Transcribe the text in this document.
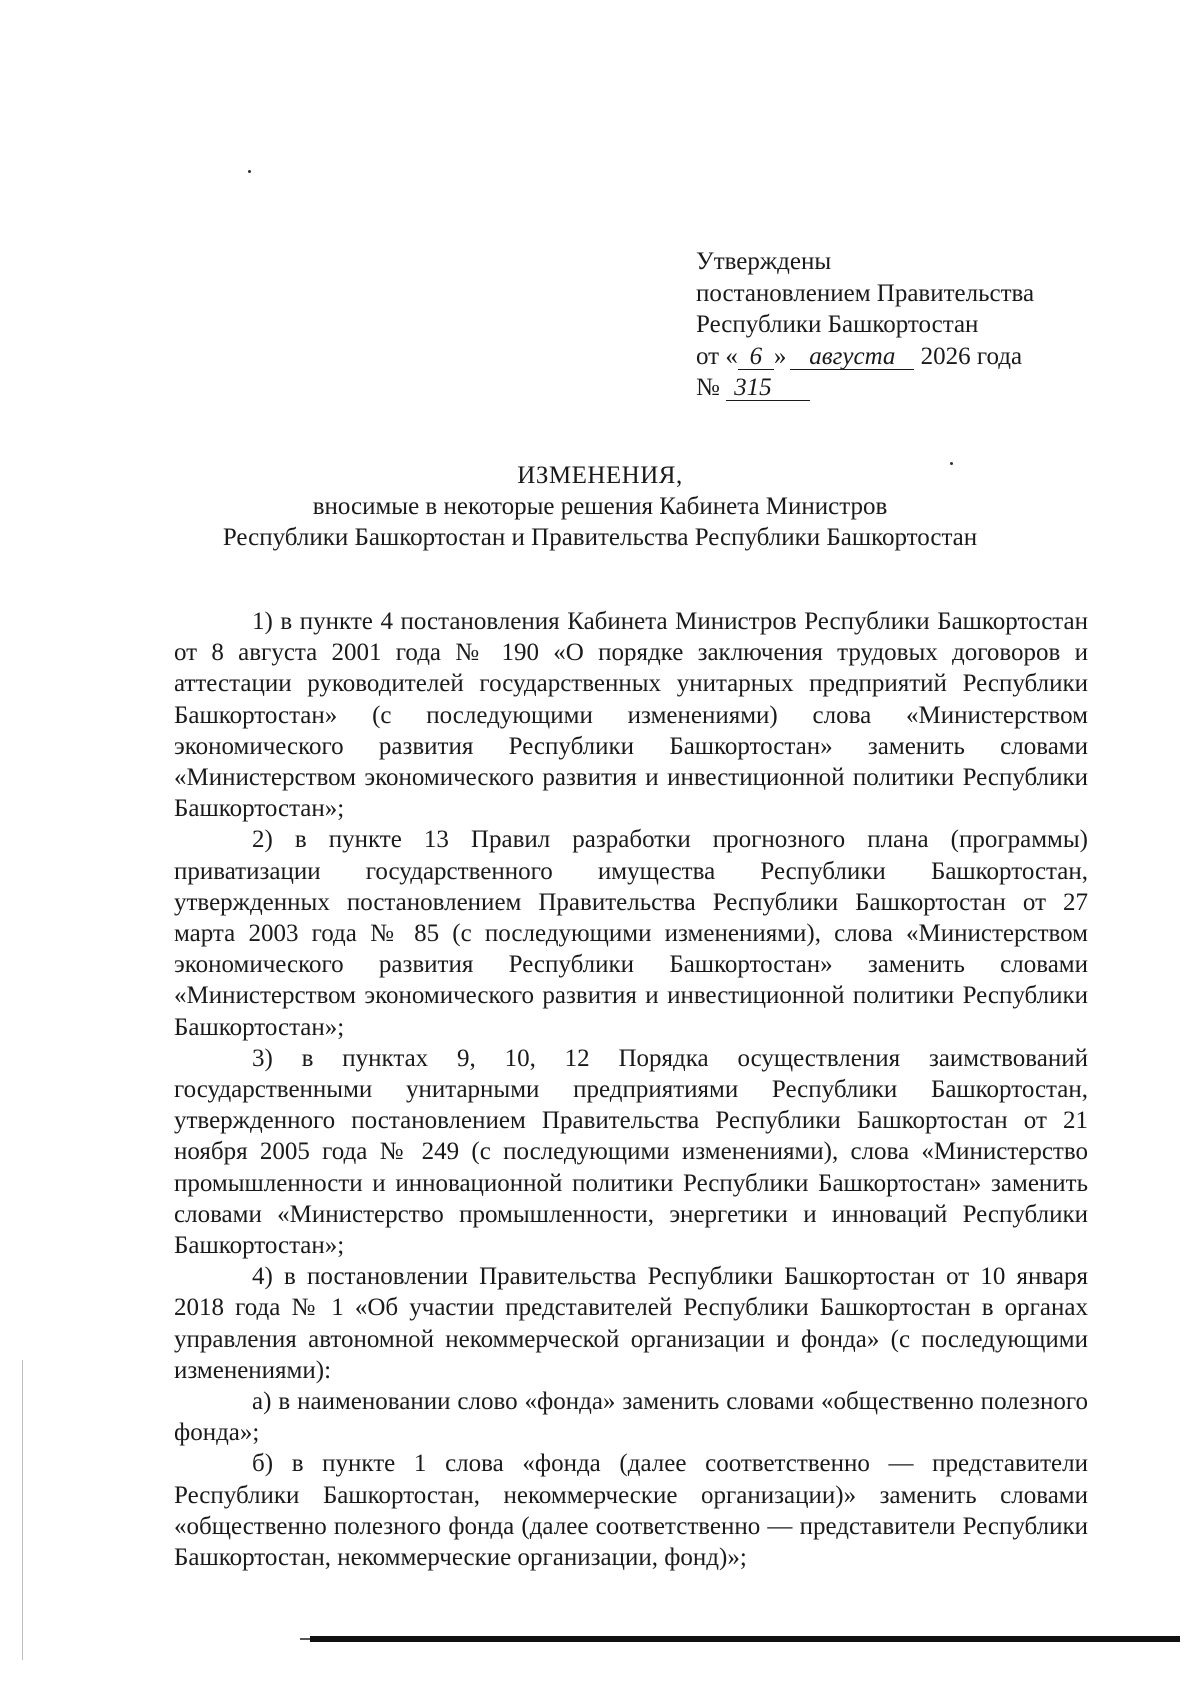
Утверждены
постановлением Правительства
Республики Башкортостан
от « 6 » августа 2026 года
№ 315
ИЗМЕНЕНИЯ,
вносимые в некоторые решения Кабинета Министров
Республики Башкортостан и Правительства Республики Башкортостан

1) в пункте 4 постановления Кабинета Министров Республики Башкортостан от 8 августа 2001 года № 190 «О порядке заключения трудовых договоров и аттестации руководителей государственных унитарных предприятий Республики Башкортостан» (с последующими изменениями) слова «Министерством экономического развития Республики Башкортостан» заменить словами «Министерством экономического развития и инвестиционной политики Республики Башкортостан»;

2) в пункте 13 Правил разработки прогнозного плана (программы) приватизации государственного имущества Республики Башкортостан, утвержденных постановлением Правительства Республики Башкортостан от 27 марта 2003 года № 85 (с последующими изменениями), слова «Министерством экономического развития Республики Башкортостан» заменить словами «Министерством экономического развития и инвестиционной политики Республики Башкортостан»;

3) в пунктах 9, 10, 12 Порядка осуществления заимствований государственными унитарными предприятиями Республики Башкортостан, утвержденного постановлением Правительства Республики Башкортостан от 21 ноября 2005 года № 249 (с последующими изменениями), слова «Министерство промышленности и инновационной политики Республики Башкортостан» заменить словами «Министерство промышленности, энергетики и инноваций Республики Башкортостан»;

4) в постановлении Правительства Республики Башкортостан от 10 января 2018 года № 1 «Об участии представителей Республики Башкортостан в органах управления автономной некоммерческой организации и фонда» (с последующими изменениями):

а) в наименовании слово «фонда» заменить словами «общественно полезного фонда»;

б) в пункте 1 слова «фонда (далее соответственно — представители Республики Башкортостан, некоммерческие организации)» заменить словами «общественно полезного фонда (далее соответственно — представители Республики Башкортостан, некоммерческие организации, фонд)»;
